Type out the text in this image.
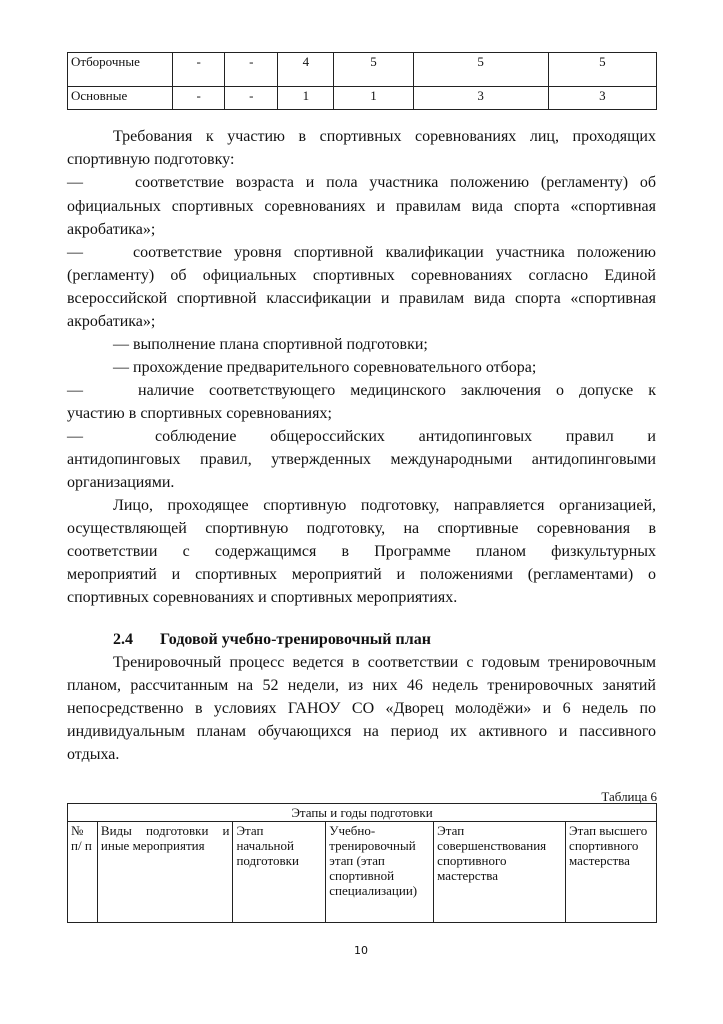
Отборочные	-	-	4	5	5	5
Основные	-	-	1	1	3	3
Требования к участию в спортивных соревнованиях лиц, проходящих
спортивную подготовку:
—	соответствие возраста и пола участника положению (регламенту) об
официальных спортивных соревнованиях и правилам вида спорта «спортивная
акробатика»;
—	соответствие уровня спортивной квалификации участника положению
(регламенту) об официальных спортивных соревнованиях согласно Единой
всероссийской спортивной классификации и правилам вида спорта «спортивная
акробатика»;
— выполнение плана спортивной подготовки;
— прохождение предварительного соревновательного отбора;
—	наличие соответствующего медицинского заключения о допуске к
участию в спортивных соревнованиях;
—	соблюдение общероссийских антидопинговых правил и
антидопинговых правил, утвержденных международными антидопинговыми
организациями.
Лицо, проходящее спортивную подготовку, направляется организацией,
осуществляющей спортивную подготовку, на спортивные соревнования в
соответствии с содержащимся в Программе планом физкультурных
мероприятий и спортивных мероприятий и положениями (регламентами) о
спортивных соревнованиях и спортивных мероприятиях.
Тренировочный процесс ведется в соответствии с годовым тренировочным
планом, рассчитанным на 52 недели, из них 46 недель тренировочных занятий
непосредственно в условиях ГАНОУ СО «Дворец молодёжи» и 6 недель по
индивидуальным планам обучающихся на период их активного и пассивного
отдыха.
2.4 Годовой учебно-тренировочный план
Таблица 6
Этапы и годы подготовки
№ п/ п	Виды подготовки и иные мероприятия	Этап начальной подготовки	Учебно-тренировочный этап (этап спортивной специализации)	Этап совершенствования спортивного мастерства	Этап высшего спортивного мастерства
10
